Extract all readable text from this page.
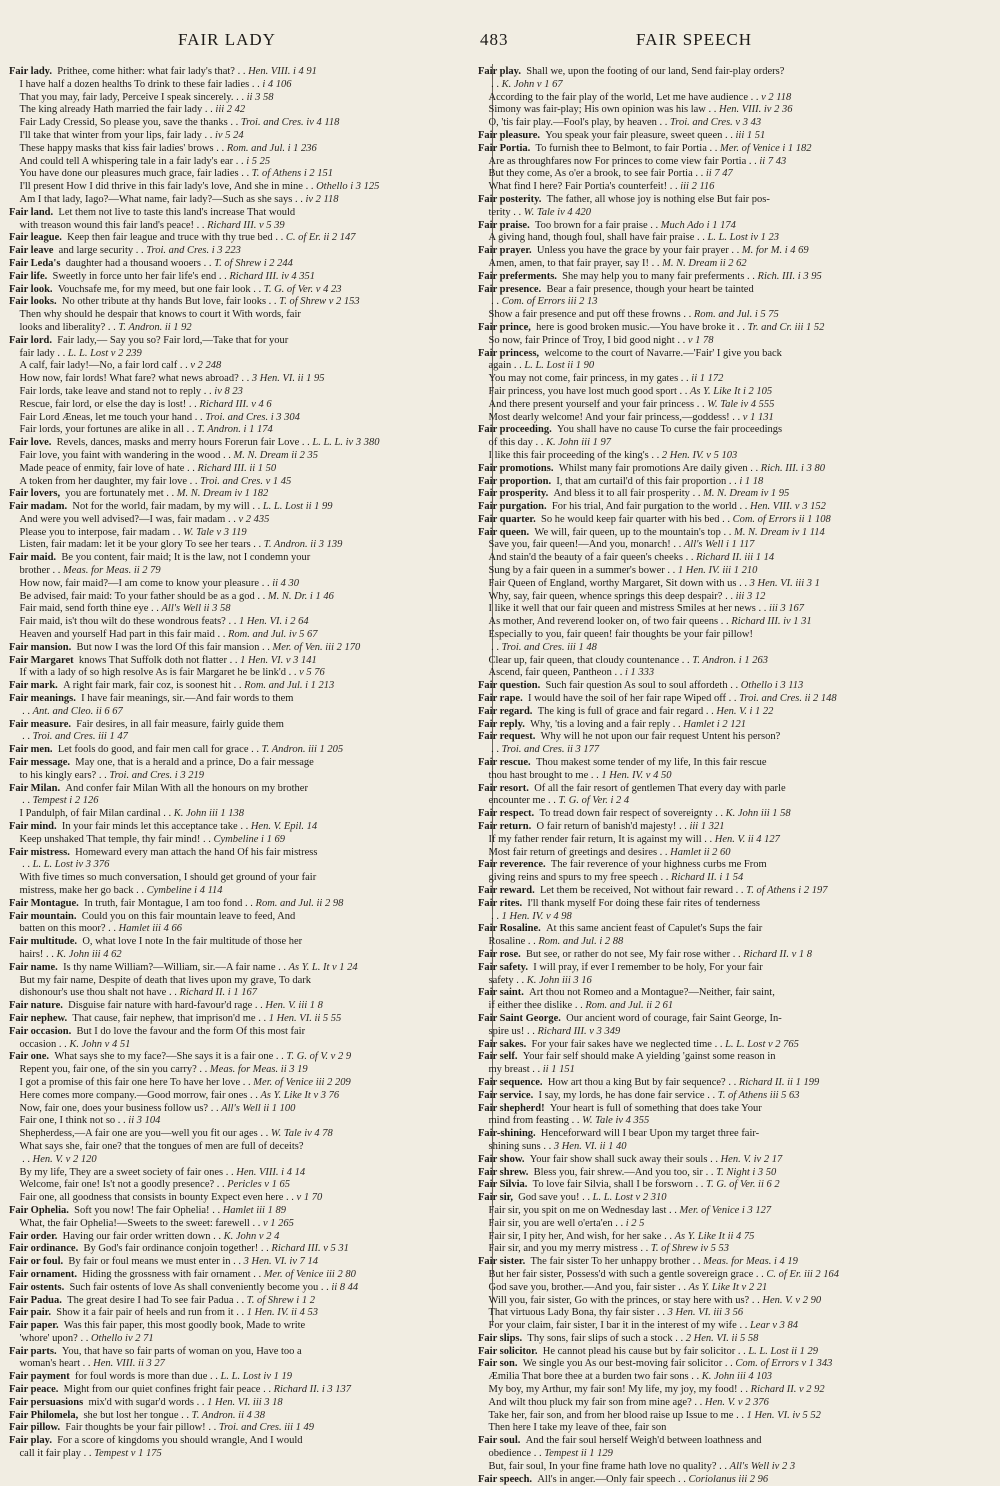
FAIR LADY	483	FAIR SPEECH
Fair lady. Prithee, come hither: what fair lady's that? . . Hen. VIII. i 4 91
I have half a dozen healths To drink to these fair ladies . . i 4 106
That you may, fair lady, Perceive I speak sincerely. . . ii 3 58
The king already Hath married the fair lady . . iii 2 42
Fair Lady Cressid, So please you, save the thanks . . Troi. and Cres. iv 4 118
I'll take that winter from your lips, fair lady . . iv 5 24
These happy masks that kiss fair ladies' brows . . Rom. and Jul. i 1 236
And could tell A whispering tale in a fair lady's ear . . i 5 25
You have done our pleasures much grace, fair ladies . . T. of Athens i 2 151
I'll present How I did thrive in this fair lady's love, And she in mine . . Othello i 3 125
Am I that lady, Iago?—What name, fair lady?—Such as she says . . iv 2 118
Fair land. Let them not live to taste this land's increase That would
with treason wound this fair land's peace! . . Richard III. v 5 39
Fair league. Keep then fair league and truce with thy true bed . . C. of Er. ii 2 147
Fair leave and large security . . Troi. and Cres. i 3 223
Fair Leda's daughter had a thousand wooers . . T. of Shrew i 2 244
Fair life. Sweetly in force unto her fair life's end . . Richard III. iv 4 351
Fair look. Vouchsafe me, for my meed, but one fair look . . T. G. of Ver. v 4 23
Fair looks. No other tribute at thy hands But love, fair looks . . T. of Shrew v 2 153
Then why should he despair that knows to court it With words, fair
looks and liberality? . . T. Andron. ii 1 92
Fair lord. Fair lady,— Say you so? Fair lord,—Take that for your
fair lady . . L. L. Lost v 2 239
A calf, fair lady!—No, a fair lord calf . . v 2 248
How now, fair lords! What fare? what news abroad? . . 3 Hen. VI. ii 1 95
Fair lords, take leave and stand not to reply . . iv 8 23
Rescue, fair lord, or else the day is lost! . . Richard III. v 4 6
Fair Lord Æneas, let me touch your hand . . Troi. and Cres. i 3 304
Fair lords, your fortunes are alike in all . . T. Andron. i 1 174
Fair love. Revels, dances, masks and merry hours Forerun fair Love . . L. L. L. iv 3 380
Fair love, you faint with wandering in the wood . . M. N. Dream ii 2 35
Made peace of enmity, fair love of hate . . Richard III. ii 1 50
A token from her daughter, my fair love . . Troi. and Cres. v 1 45
Fair lovers, you are fortunately met . . M. N. Dream iv 1 182
Fair madam. Not for the world, fair madam, by my will . . L. L. Lost ii 1 99
And were you well advised?—I was, fair madam . . v 2 435
Please you to interpose, fair madam . . W. Tale v 3 119
Listen, fair madam: let it be your glory To see her tears . . T. Andron. ii 3 139
Fair maid. Be you content, fair maid; It is the law, not I condemn your
brother . . Meas. for Meas. ii 2 79
How now, fair maid?—I am come to know your pleasure . . ii 4 30
Be advised, fair maid: To your father should be as a god . . M. N. Dr. i 1 46
Fair maid, send forth thine eye . . All's Well ii 3 58
Fair maid, is't thou wilt do these wondrous feats? . . 1 Hen. VI. i 2 64
Heaven and yourself Had part in this fair maid . . Rom. and Jul. iv 5 67
Fair mansion. But now I was the lord Of this fair mansion . . Mer. of Ven. iii 2 170
Fair Margaret knows That Suffolk doth not flatter . . 1 Hen. VI. v 3 141
If with a lady of so high resolve As is fair Margaret he be link'd . . v 5 76
Fair mark. A right fair mark, fair coz, is soonest hit . . Rom. and Jul. i 1 213
Fair meanings. I have fair meanings, sir.—And fair words to them
. . Ant. and Cleo. ii 6 67
Fair measure. Fair desires, in all fair measure, fairly guide them
. . Troi. and Cres. iii 1 47
Fair men. Let fools do good, and fair men call for grace . . T. Andron. iii 1 205
Fair message. May one, that is a herald and a prince, Do a fair message
to his kingly ears? . . Troi. and Cres. i 3 219
Fair Milan. And confer fair Milan With all the honours on my brother
. . Tempest i 2 126
I Pandulph, of fair Milan cardinal . . K. John iii 1 138
Fair mind. In your fair minds let this acceptance take . . Hen. V. Epil. 14
Keep unshaked That temple, thy fair mind! . . Cymbeline i 1 69
Fair mistress. Homeward every man attach the hand Of his fair mistress
. . L. L. Lost iv 3 376
With five times so much conversation, I should get ground of your fair
mistress, make her go back . . Cymbeline i 4 114
Fair Montague. In truth, fair Montague, I am too fond . . Rom. and Jul. ii 2 98
Fair mountain. Could you on this fair mountain leave to feed, And
batten on this moor? . . Hamlet iii 4 66
Fair multitude. O, what love I note In the fair multitude of those her
hairs! . . K. John iii 4 62
Fair name. Is thy name William?—William, sir.—A fair name . . As Y. L. It v 1 24
But my fair name, Despite of death that lives upon my grave, To dark
dishonour's use thou shalt not have . . Richard II. i 1 167
Fair nature. Disguise fair nature with hard-favour'd rage . . Hen. V. iii 1 8
Fair nephew. That cause, fair nephew, that imprison'd me . . 1 Hen. VI. ii 5 55
Fair occasion. But I do love the favour and the form Of this most fair
occasion . . K. John v 4 51
Fair one. What says she to my face?—She says it is a fair one . . T. G. of V. v 2 9
Repent you, fair one, of the sin you carry? . . Meas. for Meas. ii 3 19
I got a promise of this fair one here To have her love . . Mer. of Venice iii 2 209
Here comes more company.—Good morrow, fair ones . . As Y. Like It v 3 76
Now, fair one, does your business follow us? . . All's Well ii 1 100
Fair one, I think not so . . ii 3 104
Shepherdess,—A fair one are you—well you fit our ages . . W. Tale iv 4 78
What says she, fair one? that the tongues of men are full of deceits?
. . Hen. V. v 2 120
By my life, They are a sweet society of fair ones . . Hen. VIII. i 4 14
Welcome, fair one! Is't not a goodly presence? . . Pericles v 1 65
Fair one, all goodness that consists in bounty Expect even here . . v 1 70
Fair Ophelia. Soft you now! The fair Ophelia! . . Hamlet iii 1 89
What, the fair Ophelia!—Sweets to the sweet: farewell . . v 1 265
Fair order. Having our fair order written down . . K. John v 2 4
Fair ordinance. By God's fair ordinance conjoin together! . . Richard III. v 5 31
Fair or foul. By fair or foul means we must enter in . . 3 Hen. VI. iv 7 14
Fair ornament. Hiding the grossness with fair ornament . . Mer. of Venice iii 2 80
Fair ostents. Such fair ostents of love As shall conveniently become you . . ii 8 44
Fair Padua. The great desire I had To see fair Padua . . T. of Shrew i 1 2
Fair pair. Show it a fair pair of heels and run from it . . 1 Hen. IV. ii 4 53
Fair paper. Was this fair paper, this most goodly book, Made to write
'whore' upon? . . Othello iv 2 71
Fair parts. You, that have so fair parts of woman on you, Have too a
woman's heart . . Hen. VIII. ii 3 27
Fair payment for foul words is more than due . . L. L. Lost iv 1 19
Fair peace. Might from our quiet confines fright fair peace . . Richard II. i 3 137
Fair persuasions mix'd with sugar'd words . . 1 Hen. VI. iii 3 18
Fair Philomela, she but lost her tongue . . T. Andron. ii 4 38
Fair pillow. Fair thoughts be your fair pillow! . . Troi. and Cres. iii 1 49
Fair play. For a score of kingdoms you should wrangle, And I would
call it fair play . . Tempest v 1 175
Fair play. Shall we, upon the footing of our land, Send fair-play orders?
. . K. John v 1 67
According to the fair play of the world, Let me have audience . . v 2 118
Simony was fair-play; His own opinion was his law . . Hen. VIII. iv 2 36
O, 'tis fair play.—Fool's play, by heaven . . Troi. and Cres. v 3 43
Fair pleasure. You speak your fair pleasure, sweet queen . . iii 1 51
Fair Portia. To furnish thee to Belmont, to fair Portia . . Mer. of Venice i 1 182
Are as throughfares now For princes to come view fair Portia . . ii 7 43
But they come, As o'er a brook, to see fair Portia . . ii 7 47
What find I here? Fair Portia's counterfeit! . . iii 2 116
Fair posterity. The father, all whose joy is nothing else But fair pos-
terity . . W. Tale iv 4 420
Fair praise. Too brown for a fair praise . . Much Ado i 1 174
A giving hand, though foul, shall have fair praise . . L. L. Lost iv 1 23
Fair prayer. Unless you have the grace by your fair prayer . . M. for M. i 4 69
Amen, amen, to that fair prayer, say I! . . M. N. Dream ii 2 62
Fair preferments. She may help you to many fair preferments . . Rich. III. i 3 95
Fair presence. Bear a fair presence, though your heart be tainted
. . Com. of Errors iii 2 13
Show a fair presence and put off these frowns . . Rom. and Jul. i 5 75
Fair prince, here is good broken music.—You have broke it . . Tr. and Cr. iii 1 52
So now, fair Prince of Troy, I bid good night . . v 1 78
Fair princess, welcome to the court of Navarre.—'Fair' I give you back
again . . L. L. Lost ii 1 90
You may not come, fair princess, in my gates . . ii 1 172
Fair princess, you have lost much good sport . . As Y. Like It i 2 105
And there present yourself and your fair princess . . W. Tale iv 4 555
Most dearly welcome! And your fair princess,—goddess! . . v 1 131
Fair proceeding. You shall have no cause To curse the fair proceedings
of this day . . K. John iii 1 97
I like this fair proceeding of the king's . . 2 Hen. IV. v 5 103
Fair promotions. Whilst many fair promotions Are daily given . . Rich. III. i 3 80
Fair proportion. I, that am curtail'd of this fair proportion . . i 1 18
Fair prosperity. And bless it to all fair prosperity . . M. N. Dream iv 1 95
Fair purgation. For his trial, And fair purgation to the world . . Hen. VIII. v 3 152
Fair quarter. So he would keep fair quarter with his bed . . Com. of Errors ii 1 108
Fair queen. We will, fair queen, up to the mountain's top . . M. N. Dream iv 1 114
Save you, fair queen!—And you, monarch! . . All's Well i 1 117
And stain'd the beauty of a fair queen's cheeks . . Richard II. iii 1 14
Sung by a fair queen in a summer's bower . . 1 Hen. IV. iii 1 210
Fair Queen of England, worthy Margaret, Sit down with us . . 3 Hen. VI. iii 3 1
Why, say, fair queen, whence springs this deep despair? . . iii 3 12
I like it well that our fair queen and mistress Smiles at her news . . iii 3 167
As mother, And reverend looker on, of two fair queens . . Richard III. iv 1 31
Especially to you, fair queen! fair thoughts be your fair pillow!
. . Troi. and Cres. iii 1 48
Clear up, fair queen, that cloudy countenance . . T. Andron. i 1 263
Ascend, fair queen, Pantheon . . i 1 333
Fair question. Such fair question As soul to soul affordeth . . Othello i 3 113
Fair rape. I would have the soil of her fair rape Wiped off . . Troi. and Cres. ii 2 148
Fair regard. The king is full of grace and fair regard . . Hen. V. i 1 22
Fair reply. Why, 'tis a loving and a fair reply . . Hamlet i 2 121
Fair request. Why will he not upon our fair request Untent his person?
. . Troi. and Cres. ii 3 177
Fair rescue. Thou makest some tender of my life, In this fair rescue
thou hast brought to me . . 1 Hen. IV. v 4 50
Fair resort. Of all the fair resort of gentlemen That every day with parle
encounter me . . T. G. of Ver. i 2 4
Fair respect. To tread down fair respect of sovereignty . . K. John iii 1 58
Fair return. O fair return of banish'd majesty! . . iii 1 321
If my father render fair return, It is against my will . . Hen. V. ii 4 127
Most fair return of greetings and desires . . Hamlet ii 2 60
Fair reverence. The fair reverence of your highness curbs me From
giving reins and spurs to my free speech . . Richard II. i 1 54
Fair reward. Let them be received, Not without fair reward . . T. of Athens i 2 197
Fair rites. I'll thank myself For doing these fair rites of tenderness
. . 1 Hen. IV. v 4 98
Fair Rosaline. At this same ancient feast of Capulet's Sups the fair
Rosaline . . Rom. and Jul. i 2 88
Fair rose. But see, or rather do not see, My fair rose wither . . Richard II. v 1 8
Fair safety. I will pray, if ever I remember to be holy, For your fair
safety . . K. John iii 3 16
Fair saint. Art thou not Romeo and a Montague?—Neither, fair saint,
if either thee dislike . . Rom. and Jul. ii 2 61
Fair Saint George. Our ancient word of courage, fair Saint George, In-
spire us! . . Richard III. v 3 349
Fair sakes. For your fair sakes have we neglected time . . L. L. Lost v 2 765
Fair self. Your fair self should make A yielding 'gainst some reason in
my breast . . ii 1 151
Fair sequence. How art thou a king But by fair sequence? . . Richard II. ii 1 199
Fair service. I say, my lords, he has done fair service . . T. of Athens iii 5 63
Fair shepherd! Your heart is full of something that does take Your
mind from feasting . . W. Tale iv 4 355
Fair-shining. Henceforward will I bear Upon my target three fair-
shining suns . . 3 Hen. VI. ii 1 40
Fair show. Your fair show shall suck away their souls . . Hen. V. iv 2 17
Fair shrew. Bless you, fair shrew.—And you too, sir . . T. Night i 3 50
Fair Silvia. To love fair Silvia, shall I be forsworn . . T. G. of Ver. ii 6 2
Fair sir, God save you! . . L. L. Lost v 2 310
Fair sir, you spit on me on Wednesday last . . Mer. of Venice i 3 127
Fair sir, you are well o'erta'en . . i 2 5
Fair sir, I pity her, And wish, for her sake . . As Y. Like It ii 4 75
Fair sir, and you my merry mistress . . T. of Shrew iv 5 53
Fair sister. The fair sister To her unhappy brother . . Meas. for Meas. i 4 19
But her fair sister, Possess'd with such a gentle sovereign grace . . C. of Er. iii 2 164
God save you, brother.—And you, fair sister . . As Y. Like It v 2 21
Will you, fair sister, Go with the princes, or stay here with us? . . Hen. V. v 2 90
That virtuous Lady Bona, thy fair sister . . 3 Hen. VI. iii 3 56
For your claim, fair sister, I bar it in the interest of my wife . . Lear v 3 84
Fair slips. Thy sons, fair slips of such a stock . . 2 Hen. VI. ii 5 58
Fair solicitor. He cannot plead his cause but by fair solicitor . . L. L. Lost ii 1 29
Fair son. We single you As our best-moving fair solicitor . . Com. of Errors v 1 343
Æmilia That bore thee at a burden two fair sons . . K. John iii 4 103
My boy, my Arthur, my fair son! My life, my joy, my food! . . Richard II. v 2 92
And wilt thou pluck my fair son from mine age? . . Hen. V. v 2 376
Take her, fair son, and from her blood raise up Issue to me . . 1 Hen. VI. iv 5 52
Then here I take my leave of thee, fair son
Fair soul. And the fair soul herself Weigh'd between loathness and
obedience . . Tempest ii 1 129
But, fair soul, In your fine frame hath love no quality? . . All's Well iv 2 3
Fair speech. All's in anger.—Only fair speech . . Coriolanus iii 2 96
